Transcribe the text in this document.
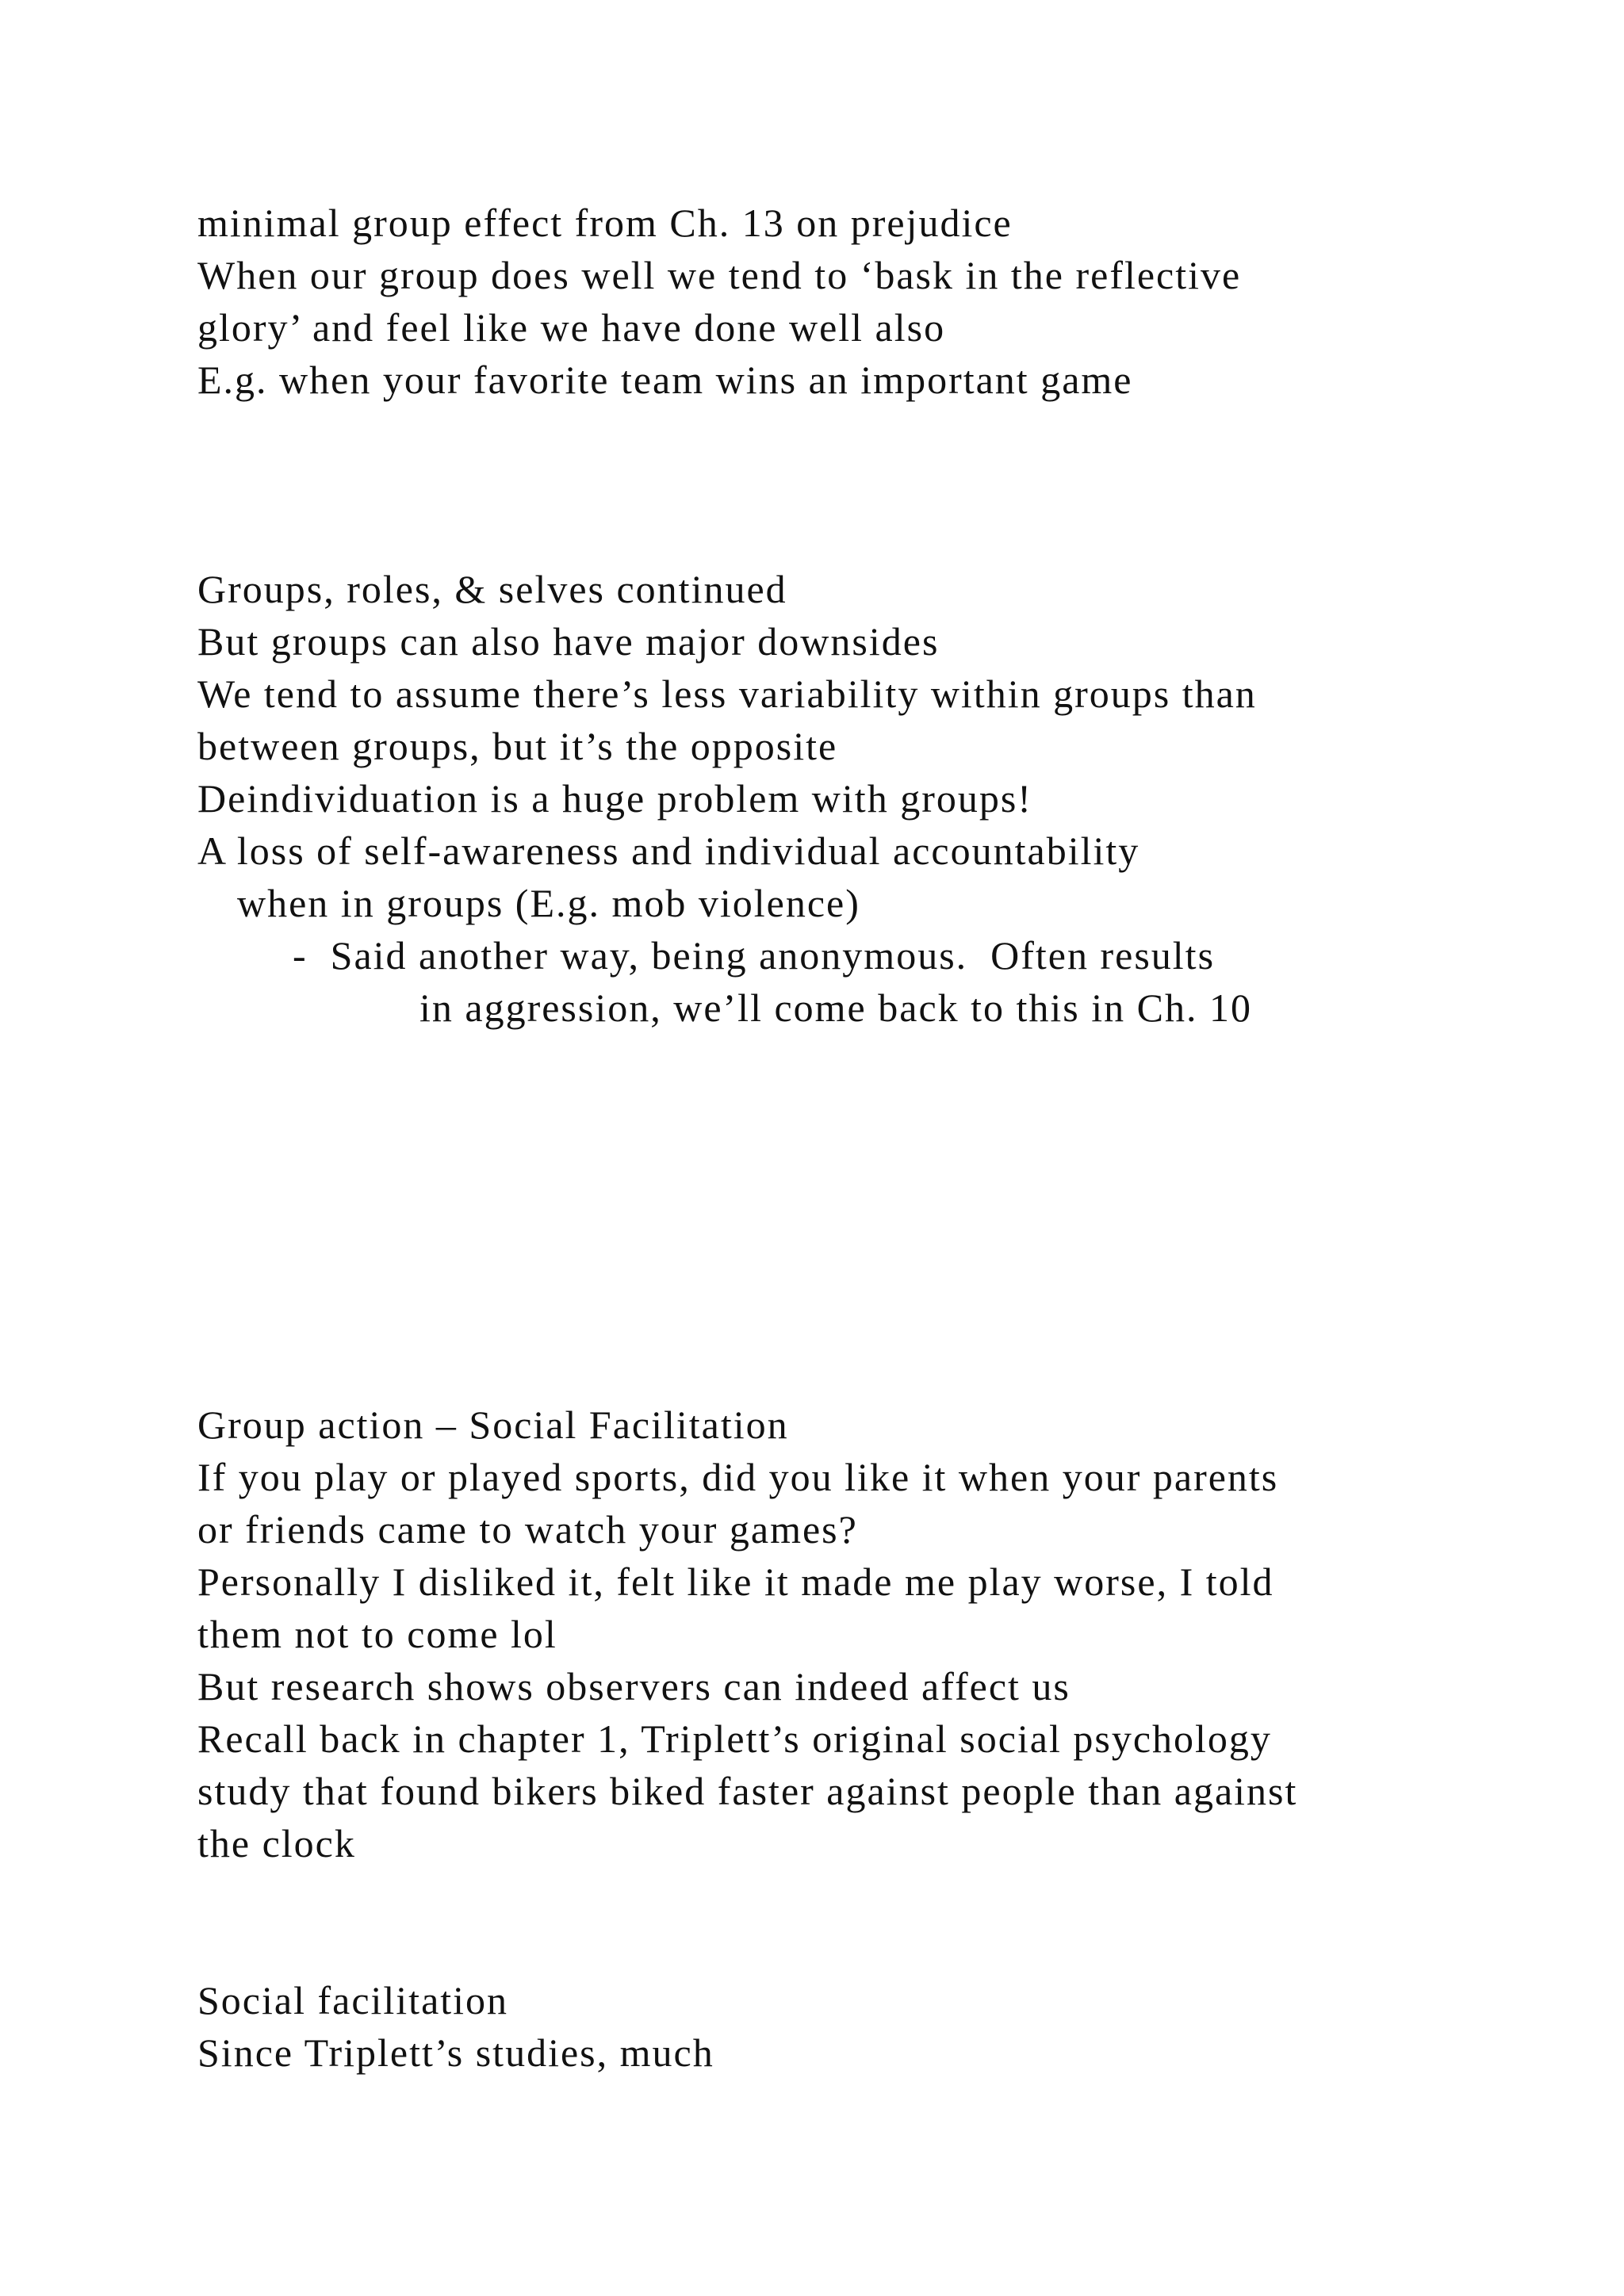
minimal group effect from Ch. 13 on prejudice

When our group does well we tend to ‘bask in the reflective

glory’ and feel like we have done well also

E.g. when your favorite team wins an important game

Groups, roles, & selves continued

But groups can also have major downsides

We tend to assume there’s less variability within groups than

between groups, but it’s the opposite

Deindividuation is a huge problem with groups!

A loss of self-awareness and individual accountability

when in groups (E.g. mob violence)

-  Said another way, being anonymous.  Often results

in aggression, we’ll come back to this in Ch. 10

Group action – Social Facilitation

If you play or played sports, did you like it when your parents

or friends came to watch your games?

Personally I disliked it, felt like it made me play worse, I told

them not to come lol

But research shows observers can indeed affect us

Recall back in chapter 1, Triplett’s original social psychology

study that found bikers biked faster against people than against

the clock

Social facilitation

Since Triplett’s studies, much
